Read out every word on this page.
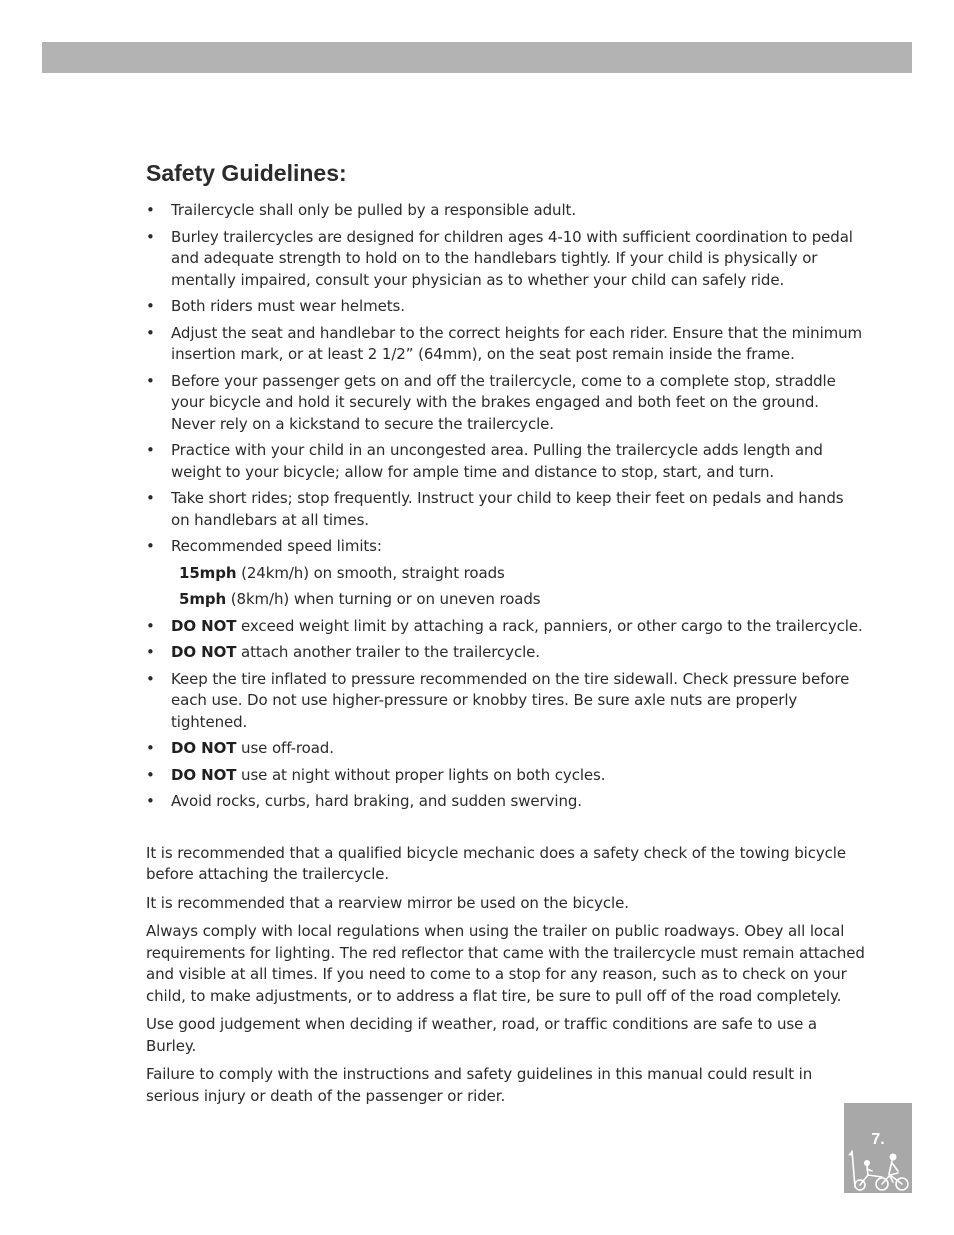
Safety Guidelines:
• Trailercycle shall only be pulled by a responsible adult.
• Burley trailercycles are designed for children ages 4-10 with sufficient coordination to pedal and adequate strength to hold on to the handlebars tightly. If your child is physically or mentally impaired, consult your physician as to whether your child can safely ride.
• Both riders must wear helmets.
• Adjust the seat and handlebar to the correct heights for each rider. Ensure that the minimum insertion mark, or at least 2 1/2” (64mm), on the seat post remain inside the frame.
• Before your passenger gets on and off the trailercycle, come to a complete stop, straddle your bicycle and hold it securely with the brakes engaged and both feet on the ground. Never rely on a kickstand to secure the trailercycle.
• Practice with your child in an uncongested area. Pulling the trailercycle adds length and weight to your bicycle; allow for ample time and distance to stop, start, and turn.
• Take short rides; stop frequently. Instruct your child to keep their feet on pedals and hands on handlebars at all times.
• Recommended speed limits:
15mph (24km/h) on smooth, straight roads
5mph (8km/h) when turning or on uneven roads
• DO NOT exceed weight limit by attaching a rack, panniers, or other cargo to the trailercycle.
• DO NOT attach another trailer to the trailercycle.
• Keep the tire inflated to pressure recommended on the tire sidewall. Check pressure before each use. Do not use higher-pressure or knobby tires. Be sure axle nuts are properly tightened.
• DO NOT use off-road.
• DO NOT use at night without proper lights on both cycles.
• Avoid rocks, curbs, hard braking, and sudden swerving.

It is recommended that a qualified bicycle mechanic does a safety check of the towing bicycle before attaching the trailercycle.

It is recommended that a rearview mirror be used on the bicycle.

Always comply with local regulations when using the trailer on public roadways. Obey all local requirements for lighting. The red reflector that came with the trailercycle must remain attached and visible at all times. If you need to come to a stop for any reason, such as to check on your child, to make adjustments, or to address a flat tire, be sure to pull off of the road completely.

Use good judgement when deciding if weather, road, or traffic conditions are safe to use a Burley.

Failure to comply with the instructions and safety guidelines in this manual could result in serious injury or death of the passenger or rider.

7.
